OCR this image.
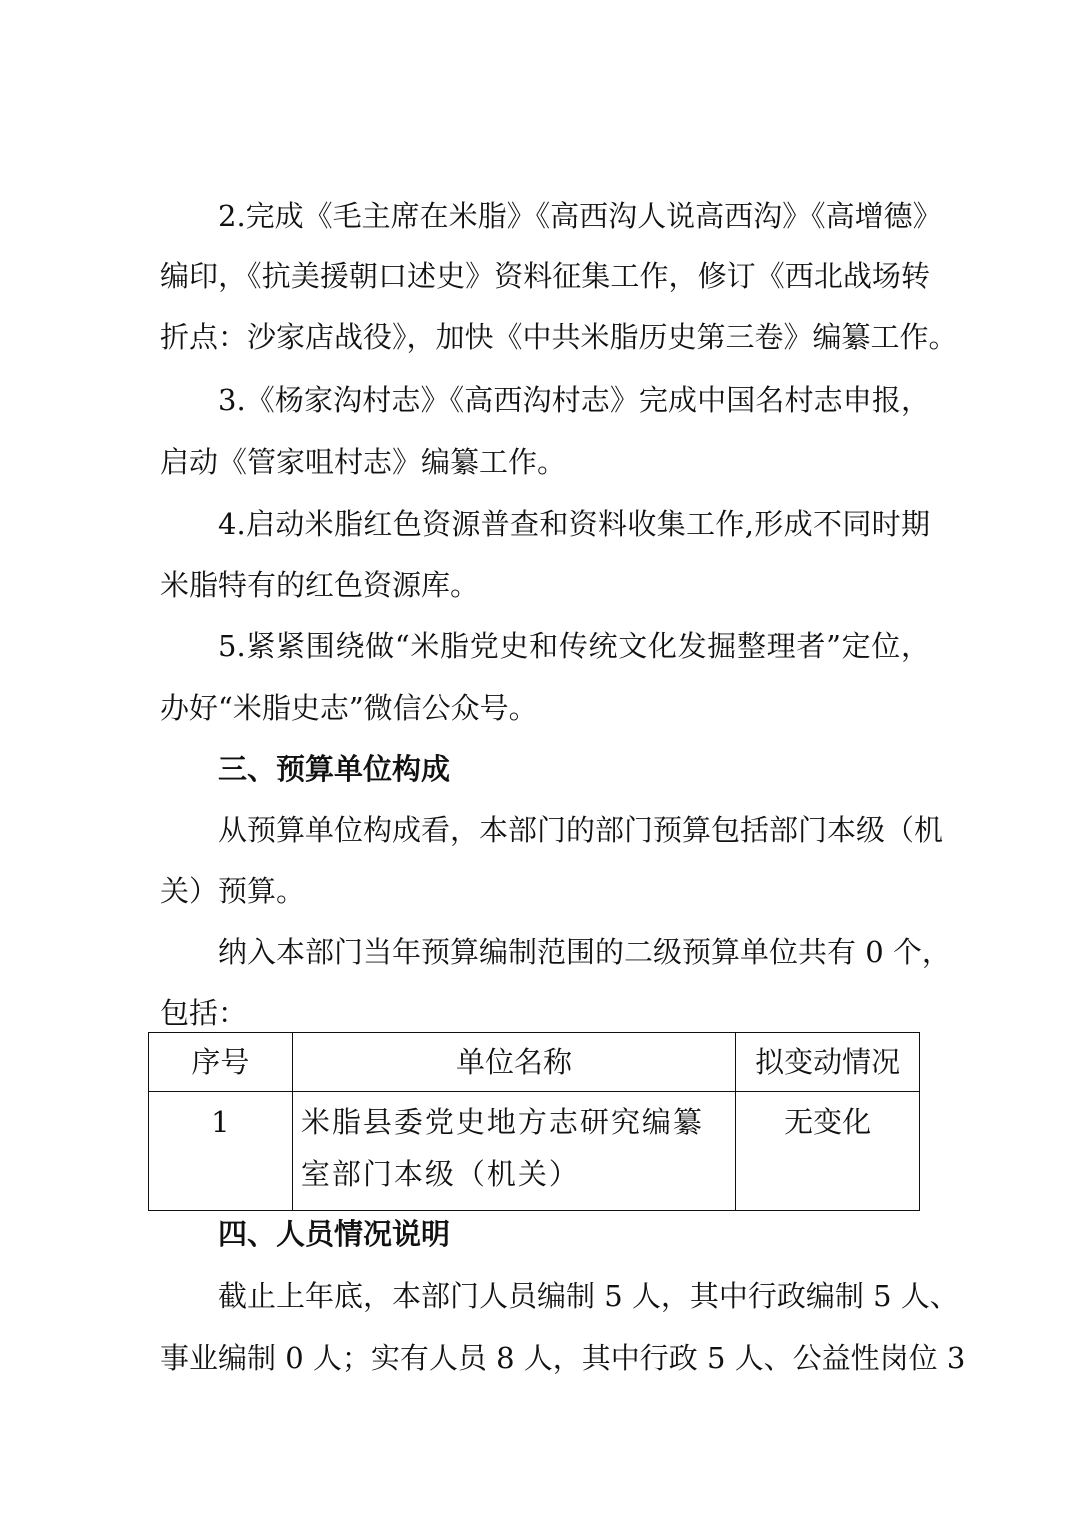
2.完成《毛主席在米脂》《高西沟人说高西沟》《高增德》
编印，《抗美援朝口述史》资料征集工作，修订《西北战场转
折点：沙家店战役》，加快《中共米脂历史第三卷》编纂工作。
3.《杨家沟村志》《高西沟村志》完成中国名村志申报，
启动《管家咀村志》编纂工作。
4.启动米脂红色资源普查和资料收集工作,形成不同时期
米脂特有的红色资源库。
5.紧紧围绕做“米脂党史和传统文化发掘整理者”定位，
办好“米脂史志”微信公众号。
三、预算单位构成
从预算单位构成看，本部门的部门预算包括部门本级（机
关）预算。
纳入本部门当年预算编制范围的二级预算单位共有 0 个，
包括：
序号	单位名称	拟变动情况
1	米脂县委党史地方志研究编纂室部门本级（机关）	无变化
四、人员情况说明
截止上年底，本部门人员编制 5 人，其中行政编制 5 人、
事业编制 0 人；实有人员 8 人，其中行政 5 人、公益性岗位 3
